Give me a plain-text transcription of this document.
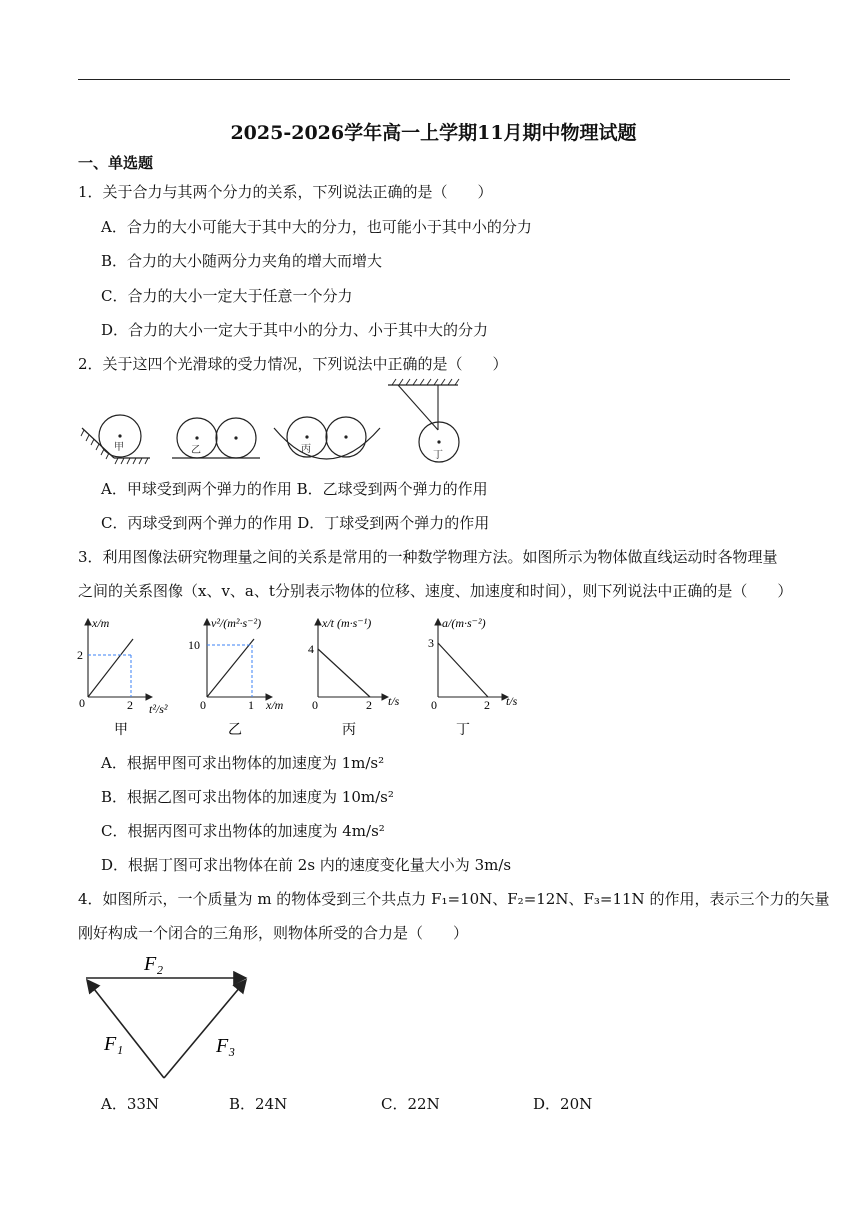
2025-2026学年高一上学期11月期中物理试题
一、单选题
1．关于合力与其两个分力的关系，下列说法正确的是（　　）
A．合力的大小可能大于其中大的分力，也可能小于其中小的分力
B．合力的大小随两分力夹角的增大而增大
C．合力的大小一定大于任意一个分力
D．合力的大小一定大于其中小的分力、小于其中大的分力
2．关于这四个光滑球的受力情况，下列说法中正确的是（　　）
甲	乙	丙
丁
A．甲球受到两个弹力的作用 B．乙球受到两个弹力的作用
C．丙球受到两个弹力的作用 D．丁球受到两个弹力的作用
3．利用图像法研究物理量之间的关系是常用的一种数学物理方法。如图所示为物体做直线运动时各物理量
之间的关系图像（x、v、a、t分别表示物体的位移、速度、加速度和时间），则下列说法中正确的是（　　）
x/m
2
0	2 t²/s²
甲
v²/(m²·s⁻²)
10
0	1 x/m
乙
x/t (m·s⁻¹)
4
0	2 t/s
丙
a/(m·s⁻²)
3
0	2 t/s
丁
A．根据甲图可求出物体的加速度为 1m/s²
B．根据乙图可求出物体的加速度为 10m/s²
C．根据丙图可求出物体的加速度为 4m/s²
D．根据丁图可求出物体在前 2s 内的速度变化量大小为 3m/s
4．如图所示，一个质量为 m 的物体受到三个共点力 F₁=10N、F₂=12N、F₃=11N 的作用，表示三个力的矢量
刚好构成一个闭合的三角形，则物体所受的合力是（　　）
F₂
F₁	F₃
A．33N	B．24N	C．22N	D．20N
